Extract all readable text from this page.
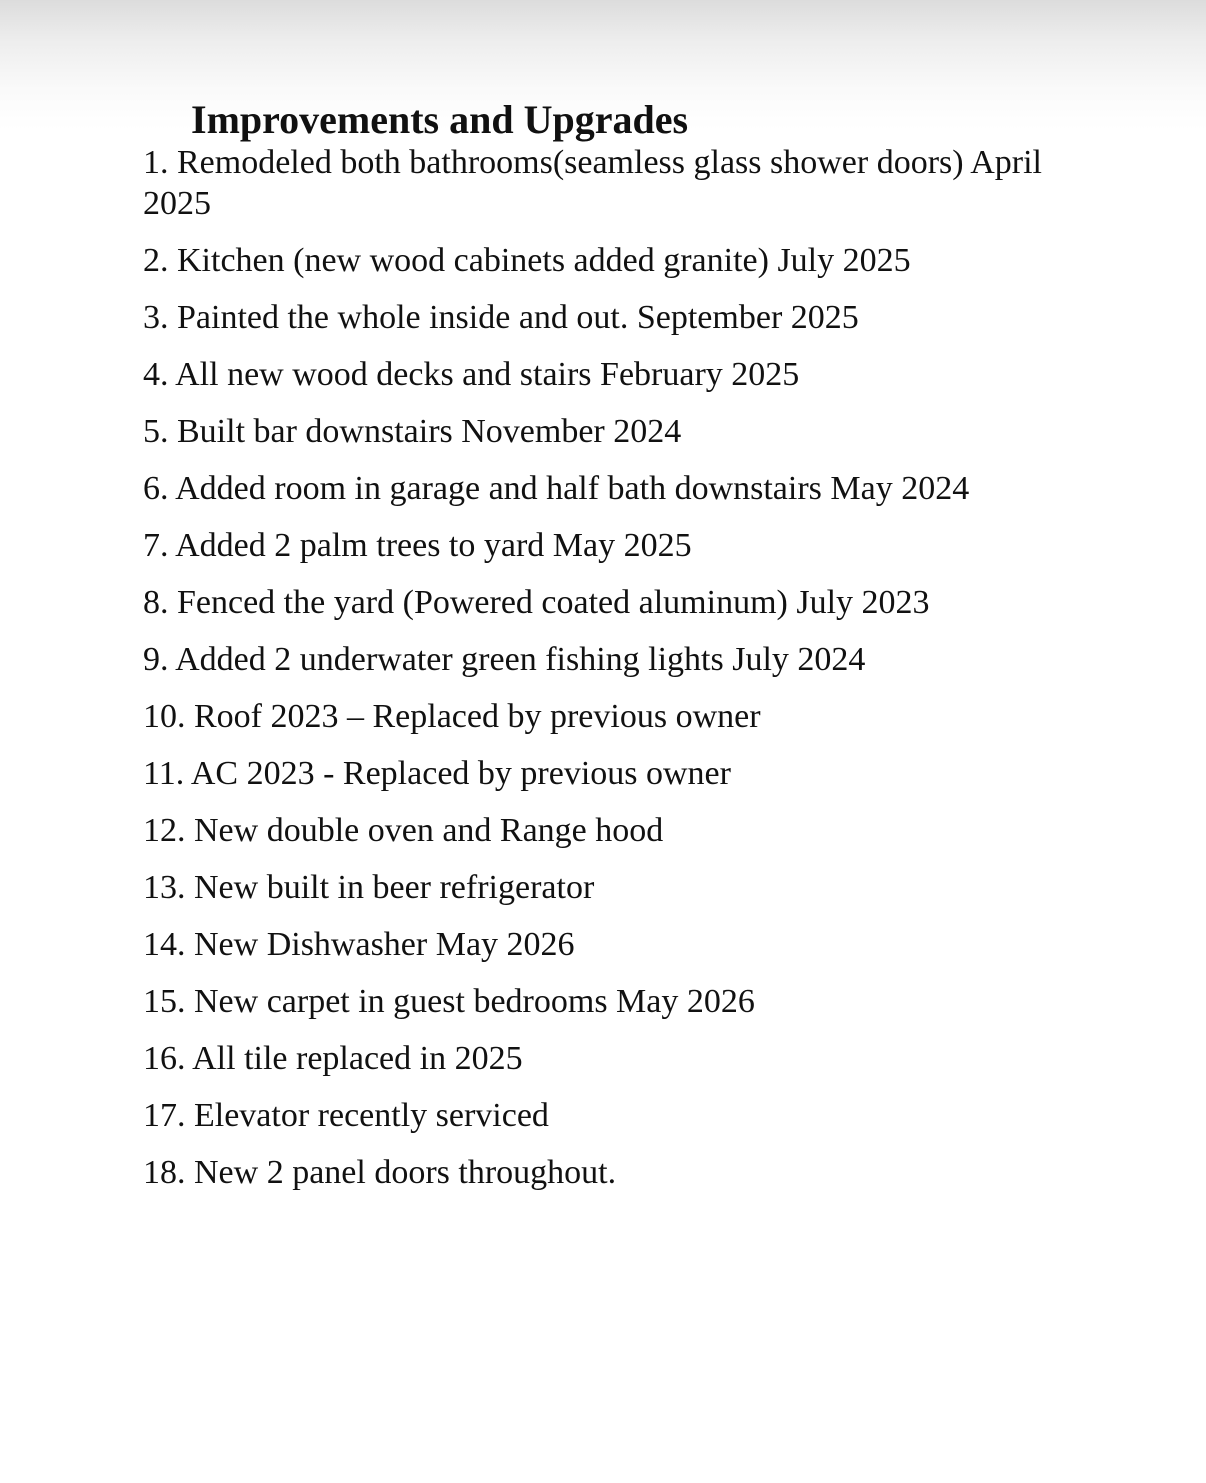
Improvements and Upgrades
1. Remodeled both bathrooms(seamless glass shower doors) April 2025
2. Kitchen (new wood cabinets added granite) July 2025
3. Painted the whole inside and out. September 2025
4. All new wood decks and stairs February 2025
5. Built bar downstairs November 2024
6. Added room in garage and half bath downstairs May 2024
7. Added 2 palm trees to yard May 2025
8. Fenced the yard (Powered coated aluminum) July 2023
9. Added 2 underwater green fishing lights July 2024
10. Roof 2023 – Replaced by previous owner
11. AC 2023 - Replaced by previous owner
12. New double oven and Range hood
13. New built in beer refrigerator
14. New Dishwasher May 2026
15. New carpet in guest bedrooms May 2026
16. All tile replaced in 2025
17. Elevator recently serviced
18. New 2 panel doors throughout.
